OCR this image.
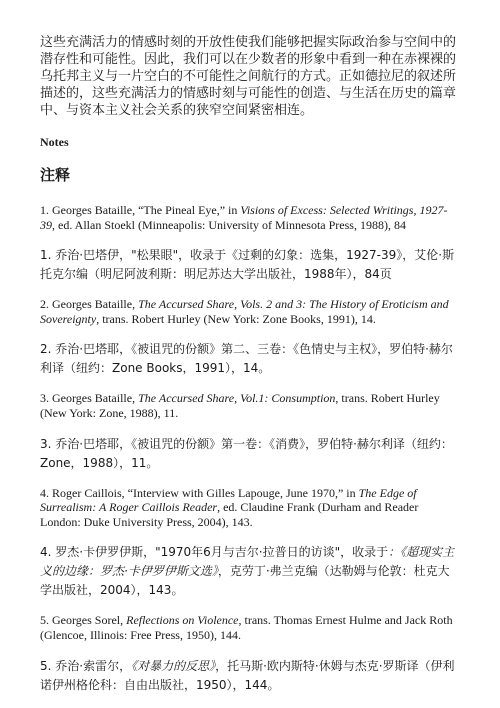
这些充满活力的情感时刻的开放性使我们能够把握实际政治参与空间中的潜存性和可能性。因此，我们可以在少数者的形象中看到一种在赤裸裸的乌托邦主义与一片空白的不可能性之间航行的方式。正如德拉尼的叙述所描述的，这些充满活力的情感时刻与可能性的创造、与生活在历史的篇章中、与资本主义社会关系的狭窄空间紧密相连。

Notes

注释

1. Georges Bataille, “The Pineal Eye,” in Visions of Excess: Selected Writings, 1927-39, ed. Allan Stoekl (Minneapolis: University of Minnesota Press, 1988), 84

1. 乔治·巴塔伊，"松果眼"，收录于《过剩的幻象：选集，1927-39》，艾伦·斯托克尔编（明尼阿波利斯：明尼苏达大学出版社，1988年），84页

2. Georges Bataille, The Accursed Share, Vols. 2 and 3: The History of Eroticism and Sovereignty, trans. Robert Hurley (New York: Zone Books, 1991), 14.

2. 乔治·巴塔耶，《被诅咒的份额》第二、三卷：《色情史与主权》，罗伯特·赫尔利译（纽约：Zone Books，1991），14。

3. Georges Bataille, The Accursed Share, Vol.1: Consumption, trans. Robert Hurley (New York: Zone, 1988), 11.

3. 乔治·巴塔耶，《被诅咒的份额》第一卷：《消费》，罗伯特·赫尔利译（纽约：Zone，1988），11。

4. Roger Caillois, “Interview with Gilles Lapouge, June 1970,” in The Edge of Surrealism: A Roger Caillois Reader, ed. Claudine Frank (Durham and Reader London: Duke University Press, 2004), 143.

4. 罗杰·卡伊罗伊斯，"1970年6月与吉尔·拉普日的访谈"，收录于：《超现实主义的边缘：罗杰·卡伊罗伊斯文选》，克劳丁·弗兰克编（达勒姆与伦敦：杜克大学出版社，2004），143。

5. Georges Sorel, Reflections on Violence, trans. Thomas Ernest Hulme and Jack Roth (Glencoe, Illinois: Free Press, 1950), 144.

5. 乔治·索雷尔，《对暴力的反思》，托马斯·欧内斯特·休姆与杰克·罗斯译（伊利诺伊州格伦科：自由出版社，1950），144。
